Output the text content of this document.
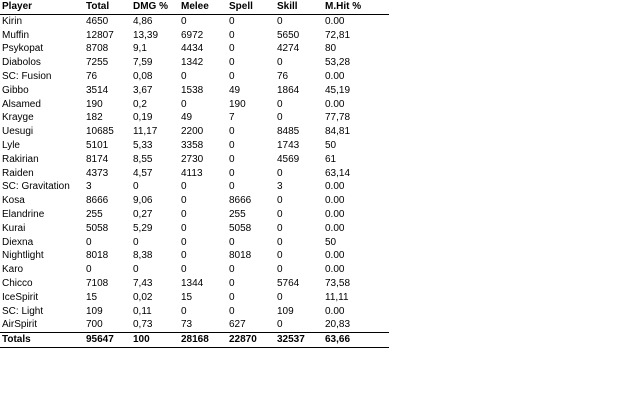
Player	Total	DMG %	Melee	Spell	Skill	M.Hit %
Kirin	4650	4,86	0	0	0	0.00
Muffin	12807	13,39	6972	0	5650	72,81
Psykopat	8708	9,1	4434	0	4274	80
Diabolos	7255	7,59	1342	0	0	53,28
SC: Fusion	76	0,08	0	0	76	0.00
Gibbo	3514	3,67	1538	49	1864	45,19
Alsamed	190	0,2	0	190	0	0.00
Krayge	182	0,19	49	7	0	77,78
Uesugi	10685	11,17	2200	0	8485	84,81
Lyle	5101	5,33	3358	0	1743	50
Rakirian	8174	8,55	2730	0	4569	61
Raiden	4373	4,57	4113	0	0	63,14
SC: Gravitation	3	0	0	0	3	0.00
Kosa	8666	9,06	0	8666	0	0.00
Elandrine	255	0,27	0	255	0	0.00
Kurai	5058	5,29	0	5058	0	0.00
Diexna	0	0	0	0	0	50
Nightlight	8018	8,38	0	8018	0	0.00
Karo	0	0	0	0	0	0.00
Chicco	7108	7,43	1344	0	5764	73,58
IceSpirit	15	0,02	15	0	0	11,11
SC: Light	109	0,11	0	0	109	0.00
AirSpirit	700	0,73	73	627	0	20,83
Totals	95647	100	28168	22870	32537	63,66
